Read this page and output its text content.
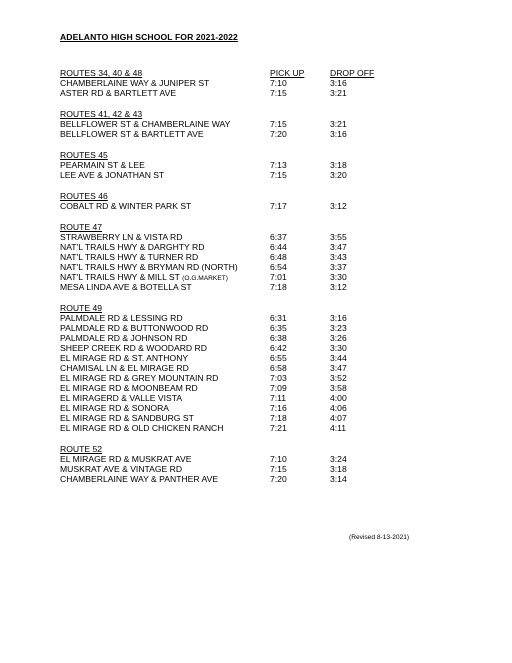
ADELANTO HIGH SCHOOL FOR 2021-2022
ROUTES 34, 40 & 48	PICK UP	DROP OFF
CHAMBERLAINE WAY & JUNIPER ST	7:10	3:16
ASTER RD & BARTLETT AVE	7:15	3:21
ROUTES 41, 42 & 43
BELLFLOWER ST & CHAMBERLAINE WAY	7:15	3:21
BELLFLOWER ST & BARTLETT AVE	7:20	3:16
ROUTES 45
PEARMAIN ST & LEE	7:13	3:18
LEE AVE & JONATHAN ST	7:15	3:20
ROUTES 46
COBALT RD & WINTER PARK ST	7:17	3:12
ROUTE 47
STRAWBERRY LN & VISTA RD	6:37	3:55
NAT'L TRAILS HWY & DARGHTY RD	6:44	3:47
NAT'L TRAILS HWY & TURNER RD	6:48	3:43
NAT'L TRAILS HWY & BRYMAN RD (NORTH)	6:54	3:37
NAT'L TRAILS HWY & MILL ST (O.G.MARKET)	7:01	3:30
MESA LINDA AVE & BOTELLA ST	7:18	3:12
ROUTE 49
PALMDALE RD & LESSING RD	6:31	3:16
PALMDALE RD & BUTTONWOOD RD	6:35	3:23
PALMDALE RD & JOHNSON RD	6:38	3:26
SHEEP CREEK RD & WOODARD RD	6:42	3:30
EL MIRAGE RD & ST. ANTHONY	6:55	3:44
CHAMISAL LN & EL MIRAGE RD	6:58	3:47
EL MIRAGE RD & GREY MOUNTAIN RD	7:03	3:52
EL MIRAGE RD & MOONBEAM RD	7:09	3:58
EL MIRAGERD & VALLE VISTA	7:11	4:00
EL MIRAGE RD & SONORA	7:16	4:06
EL MIRAGE RD & SANDBURG ST	7:18	4:07
EL MIRAGE RD & OLD CHICKEN RANCH	7:21	4:11
ROUTE 52
EL MIRAGE RD & MUSKRAT AVE	7:10	3:24
MUSKRAT AVE & VINTAGE RD	7:15	3:18
CHAMBERLAINE WAY & PANTHER AVE	7:20	3:14
(Revised 8-13-2021)
